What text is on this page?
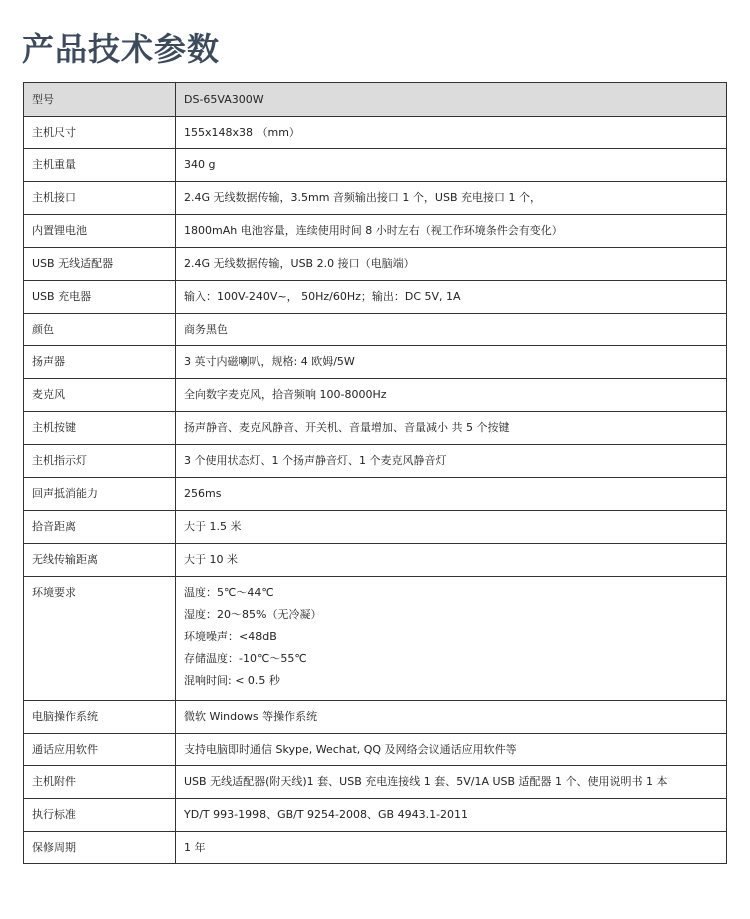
产品技术参数
型号	DS-65VA300W
主机尺寸	155x148x38 （mm）
主机重量	340 g
主机接口	2.4G 无线数据传输，3.5mm 音频输出接口 1 个，USB 充电接口 1 个，
内置锂电池	1800mAh 电池容量，连续使用时间 8 小时左右（视工作环境条件会有变化）
USB 无线适配器	2.4G 无线数据传输，USB 2.0 接口（电脑端）
USB 充电器	输入：100V-240V~， 50Hz/60Hz；输出：DC 5V, 1A
颜色	商务黑色
扬声器	3 英寸内磁喇叭，规格: 4 欧姆/5W
麦克风	全向数字麦克风，拾音频响 100-8000Hz
主机按键	扬声静音、麦克风静音、开关机、音量增加、音量减小 共 5 个按键
主机指示灯	3 个使用状态灯、1 个扬声静音灯、1 个麦克风静音灯
回声抵消能力	256ms
拾音距离	大于 1.5 米
无线传输距离	大于 10 米
环境要求	温度：5℃～44℃
湿度：20～85%（无冷凝）
环境噪声：<48dB
存储温度：-10℃～55℃
混响时间: < 0.5 秒

电脑操作系统	微软 Windows 等操作系统
通话应用软件	支持电脑即时通信 Skype, Wechat, QQ 及网络会议通话应用软件等
主机附件	USB 无线适配器(附天线)1 套、USB 充电连接线 1 套、5V/1A USB 适配器 1 个、使用说明书 1 本
执行标准	YD/T 993-1998、GB/T 9254-2008、GB 4943.1-2011
保修周期	1 年
